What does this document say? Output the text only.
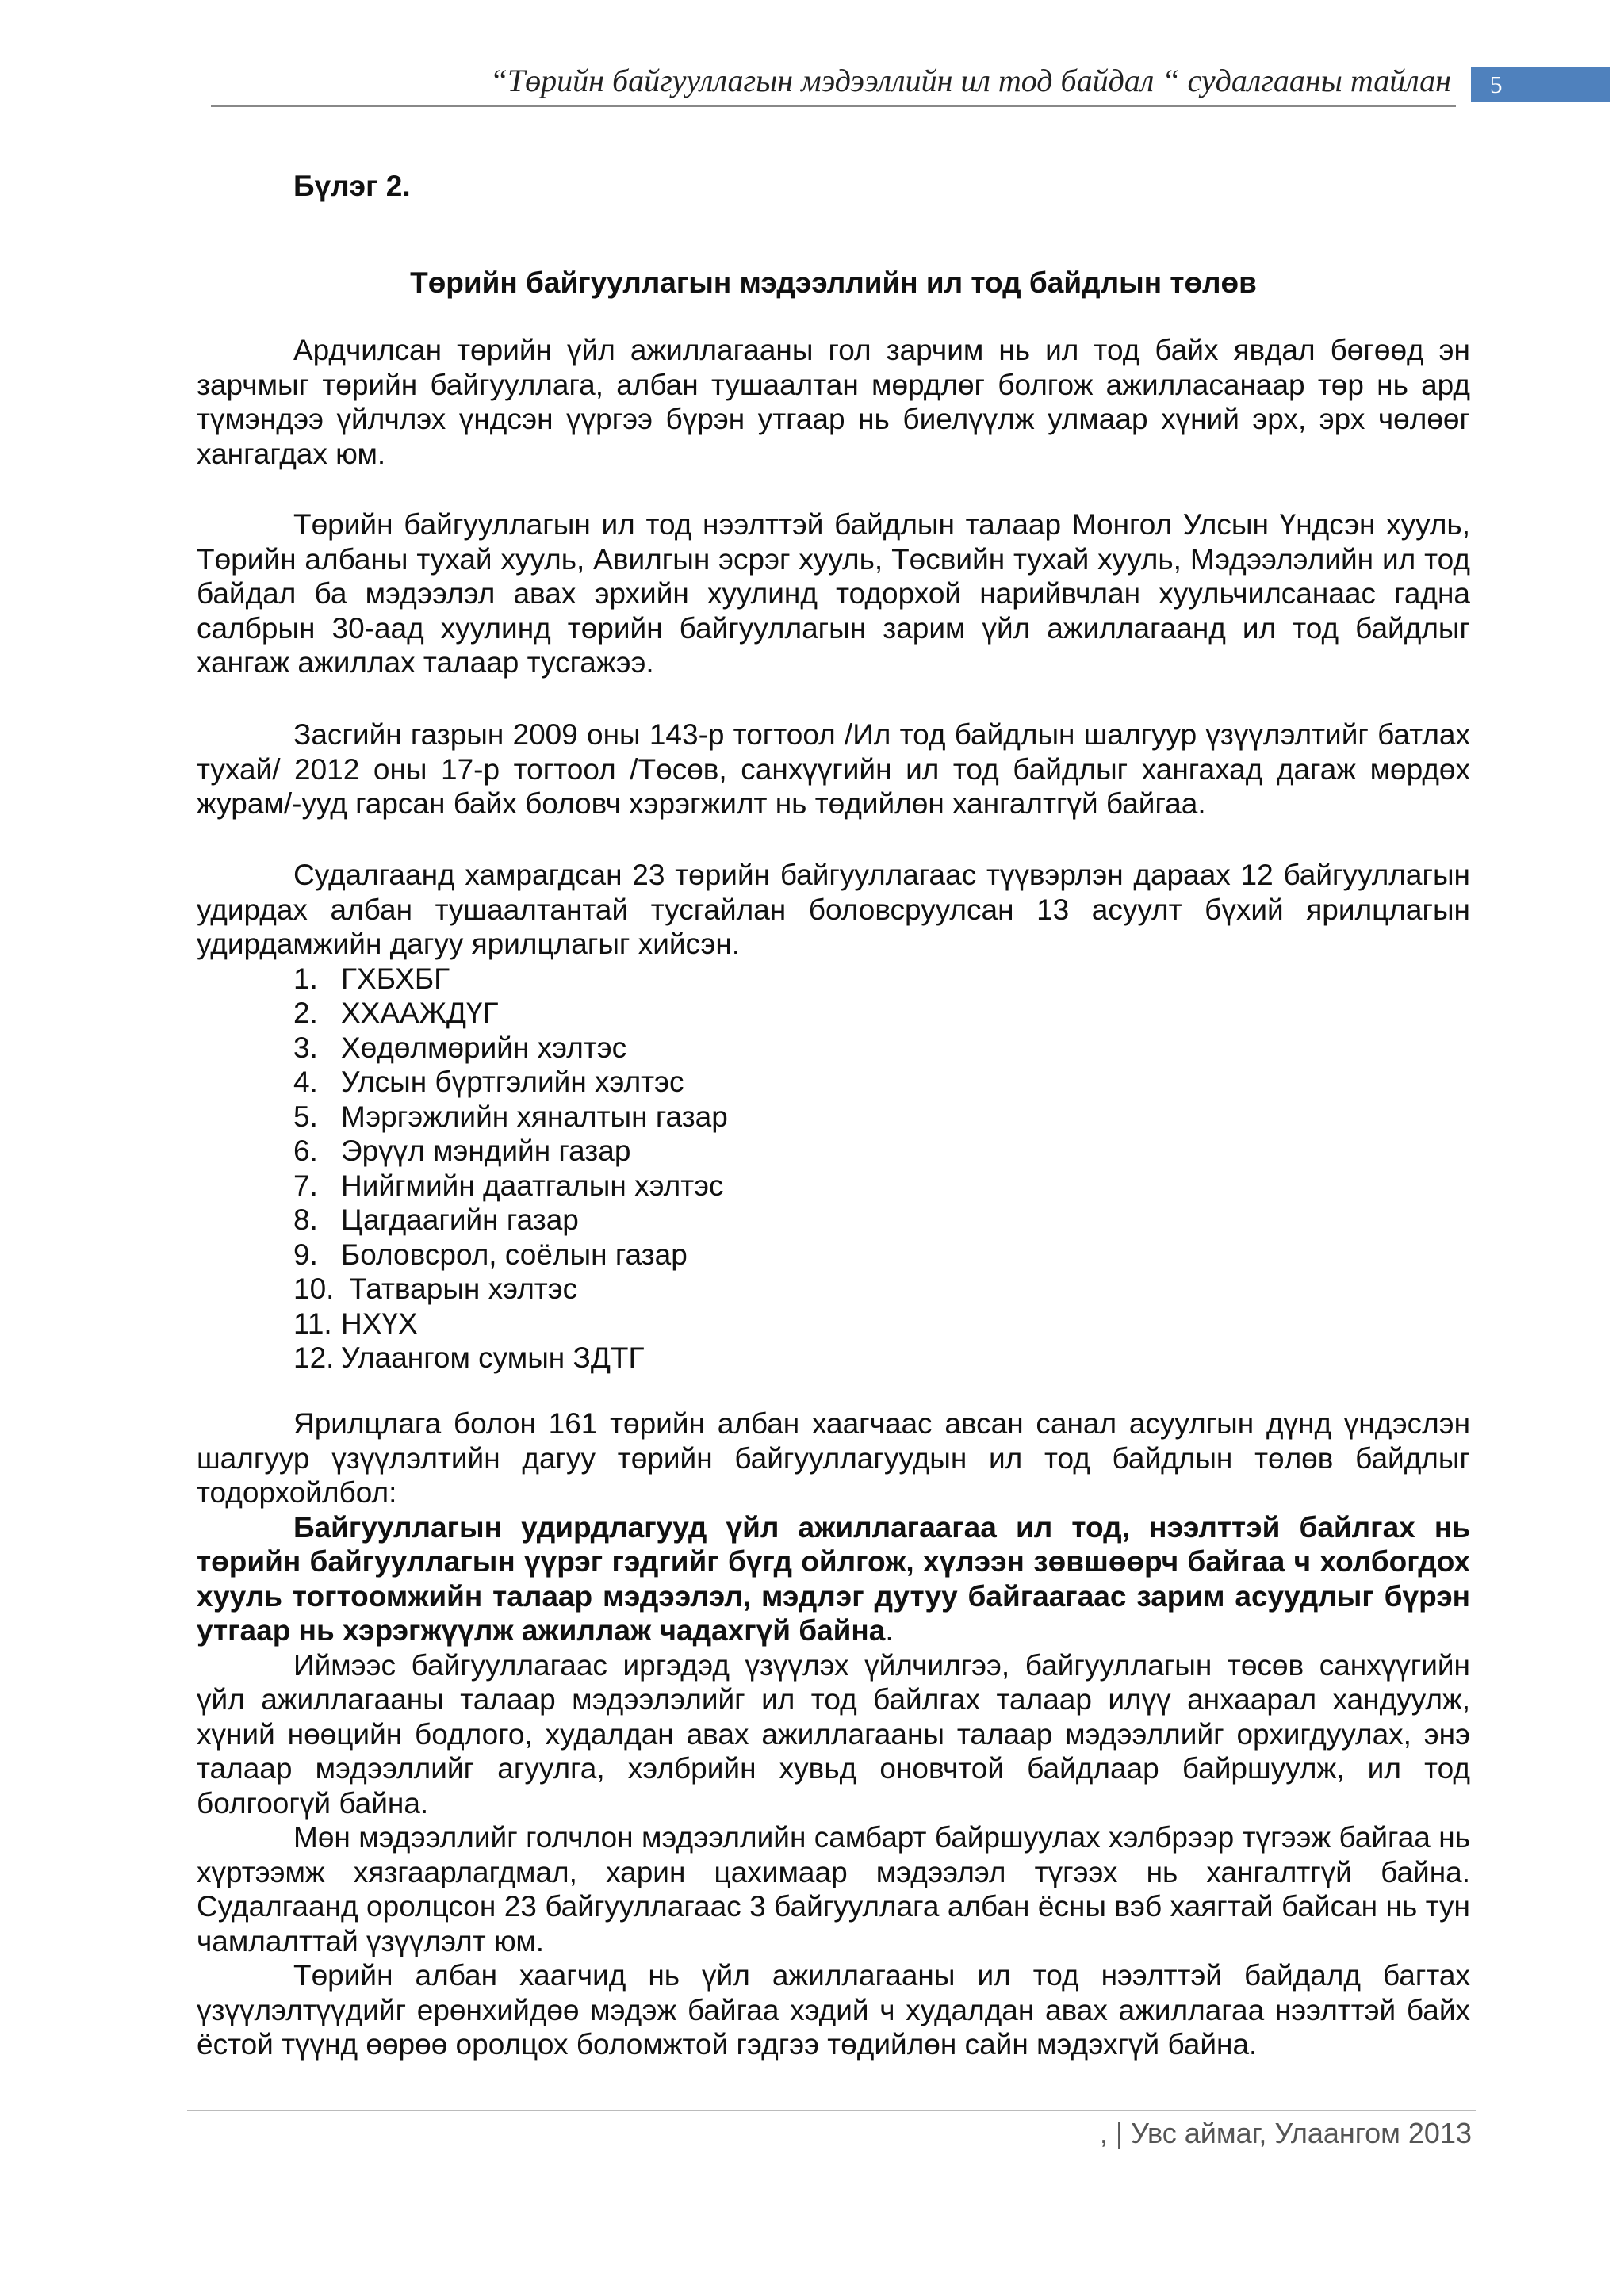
“Төрийн байгууллагын мэдээллийн ил тод байдал “ судалгааны тайлан	5
Бүлэг 2.
Төрийн байгууллагын мэдээллийн ил тод байдлын төлөв

Ардчилсан төрийн үйл ажиллагааны гол зарчим нь ил тод байх явдал бөгөөд эн зарчмыг төрийн байгууллага, албан тушаалтан мөрдлөг болгож ажилласанаар төр нь ард түмэндээ үйлчлэх үндсэн үүргээ бүрэн утгаар нь биелүүлж улмаар хүний эрх, эрх чөлөөг хангагдах юм.

Төрийн байгууллагын ил тод нээлттэй байдлын талаар Монгол Улсын Үндсэн хууль, Төрийн албаны тухай хууль, Авилгын эсрэг хууль, Төсвийн тухай хууль, Мэдээлэлийн ил тод байдал ба мэдээлэл авах эрхийн хуулинд тодорхой нарийвчлан хуульчилсанаас гадна салбрын 30-аад хуулинд төрийн байгууллагын зарим үйл ажиллагаанд ил тод байдлыг хангаж ажиллах талаар тусгажээ.

Засгийн газрын 2009 оны 143-р тогтоол /Ил тод байдлын шалгуур үзүүлэлтийг батлах тухай/ 2012 оны 17-р тогтоол /Төсөв, санхүүгийн ил тод байдлыг хангахад дагаж мөрдөх журам/-ууд гарсан байх боловч хэрэгжилт нь төдийлөн хангалтгүй байгаа.

Судалгаанд хамрагдсан 23 төрийн байгууллагаас түүвэрлэн дараах 12 байгууллагын удирдах албан тушаалтантай тусгайлан боловсруулсан 13 асуулт бүхий ярилцлагын удирдамжийн дагуу ярилцлагыг хийсэн.

1. ГХБХБГ
2. ХХААЖДҮГ
3. Хөдөлмөрийн хэлтэс
4. Улсын бүртгэлийн хэлтэс
5. Мэргэжлийн хяналтын газар
6. Эрүүл мэндийн газар
7. Нийгмийн даатгалын хэлтэс
8. Цагдаагийн газар
9. Боловсрол, соёлын газар
10. Татварын хэлтэс
11. НХҮХ
12. Улаангом сумын ЗДТГ

Ярилцлага болон 161 төрийн албан хаагчаас авсан санал асуулгын дүнд үндэслэн шалгуур үзүүлэлтийн дагуу төрийн байгууллагуудын ил тод байдлын төлөв байдлыг тодорхойлбол:

Байгууллагын удирдлагууд үйл ажиллагаагаа ил тод, нээлттэй байлгах нь төрийн байгууллагын үүрэг гэдгийг бүгд ойлгож, хүлээн зөвшөөрч байгаа ч холбогдох хууль тогтоомжийн талаар мэдээлэл, мэдлэг дутуу байгаагаас зарим асуудлыг бүрэн утгаар нь хэрэгжүүлж ажиллаж чадахгүй байна.

Иймээс байгууллагаас иргэдэд үзүүлэх үйлчилгээ, байгууллагын төсөв санхүүгийн үйл ажиллагааны талаар мэдээлэлийг ил тод байлгах талаар илүү анхаарал хандуулж, хүний нөөцийн бодлого, худалдан авах ажиллагааны талаар мэдээллийг орхигдуулах, энэ талаар мэдээллийг агуулга, хэлбрийн хувьд оновчтой байдлаар байршуулж, ил тод болгоогүй байна.

Мөн мэдээллийг голчлон мэдээллийн самбарт байршуулах хэлбрээр түгээж байгаа нь хүртээмж хязгаарлагдмал, харин цахимаар мэдээлэл түгээх нь хангалтгүй байна. Судалгаанд оролцсон 23 байгууллагаас 3 байгууллага албан ёсны вэб хаягтай байсан нь тун чамлалттай үзүүлэлт юм.

Төрийн албан хаагчид нь үйл ажиллагааны ил тод нээлттэй байдалд багтах үзүүлэлтүүдийг ерөнхийдөө мэдэж байгаа хэдий ч худалдан авах ажиллагаа нээлттэй байх ёстой түүнд өөрөө оролцох боломжтой гэдгээ төдийлөн сайн мэдэхгүй байна.

, | Увс аймаг, Улаангом 2013
